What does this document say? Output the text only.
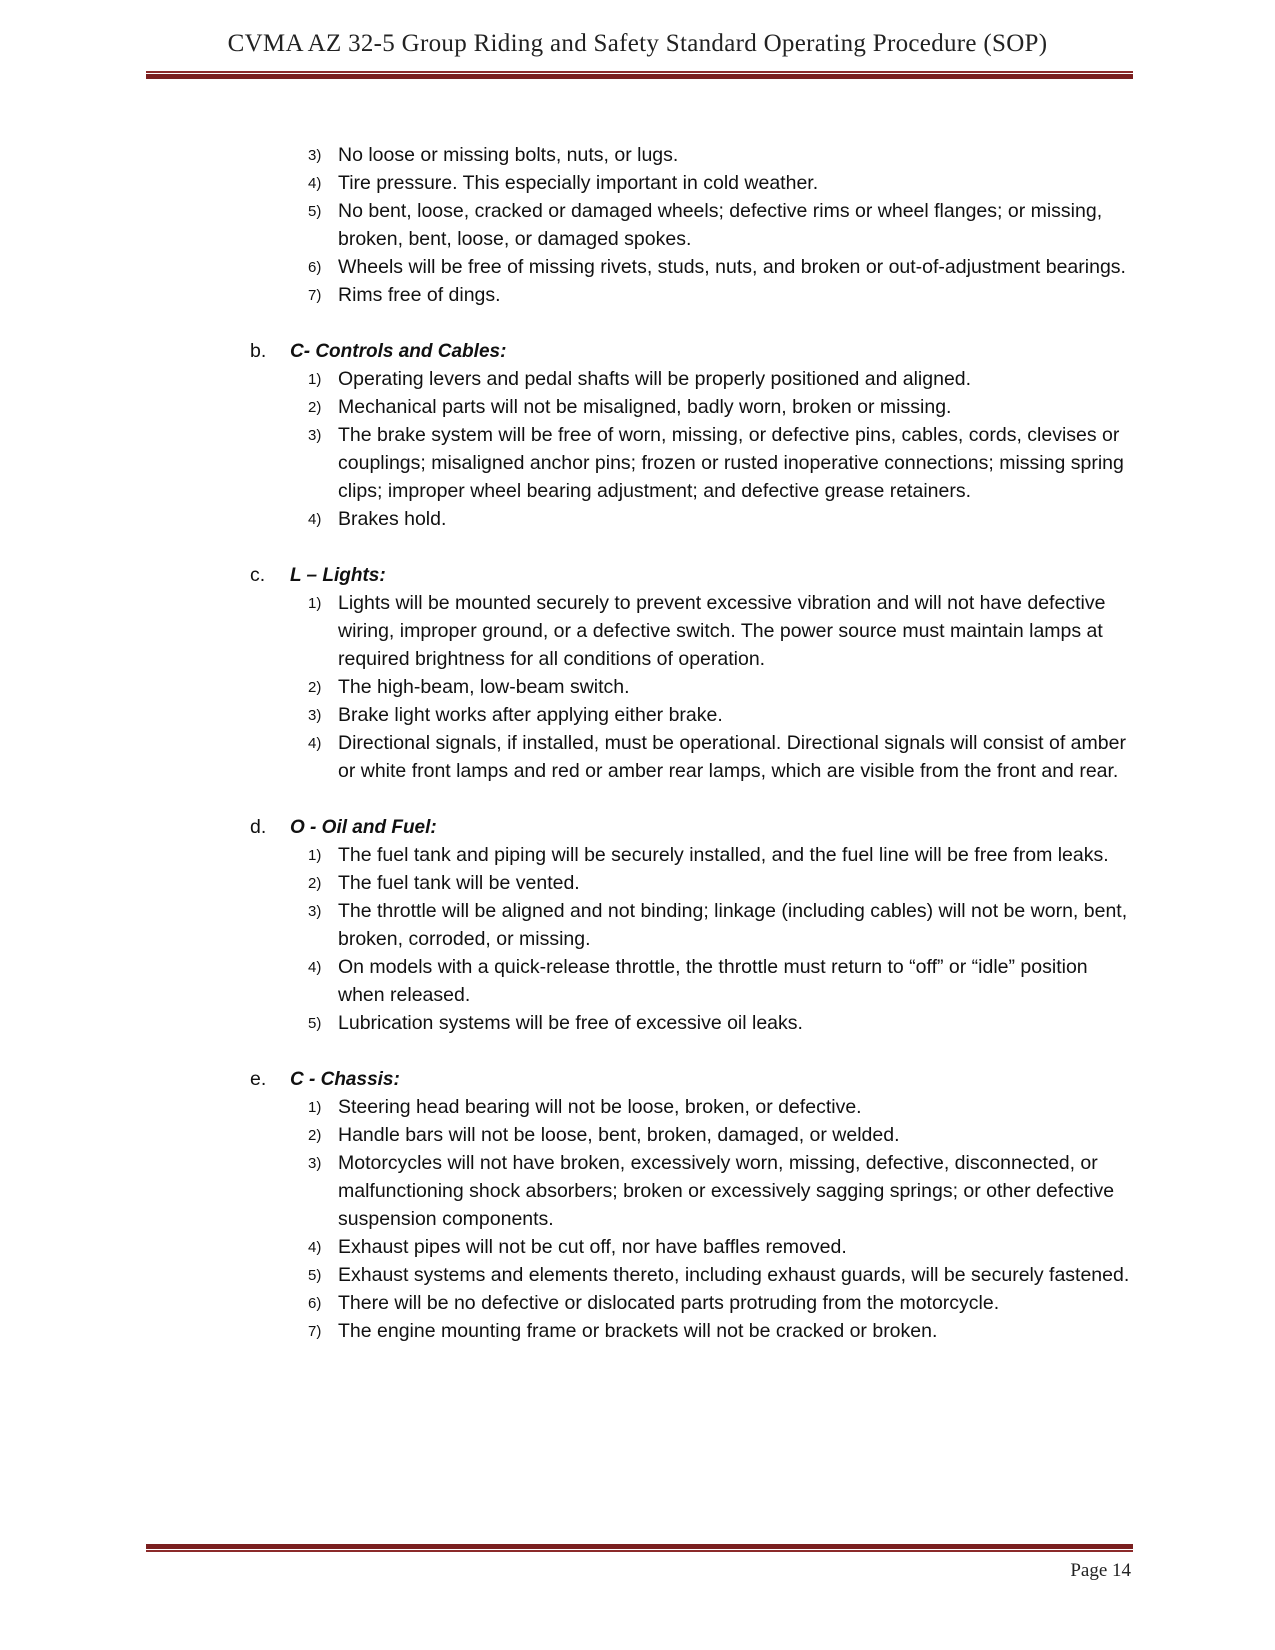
CVMA AZ 32-5 Group Riding and Safety Standard Operating Procedure (SOP)
3) No loose or missing bolts, nuts, or lugs.
4) Tire pressure. This especially important in cold weather.
5) No bent, loose, cracked or damaged wheels; defective rims or wheel flanges; or missing, broken, bent, loose, or damaged spokes.
6) Wheels will be free of missing rivets, studs, nuts, and broken or out-of-adjustment bearings.
7) Rims free of dings.
b. C- Controls and Cables:
1) Operating levers and pedal shafts will be properly positioned and aligned.
2) Mechanical parts will not be misaligned, badly worn, broken or missing.
3) The brake system will be free of worn, missing, or defective pins, cables, cords, clevises or couplings; misaligned anchor pins; frozen or rusted inoperative connections; missing spring clips; improper wheel bearing adjustment; and defective grease retainers.
4) Brakes hold.
c. L – Lights:
1) Lights will be mounted securely to prevent excessive vibration and will not have defective wiring, improper ground, or a defective switch. The power source must maintain lamps at required brightness for all conditions of operation.
2) The high-beam, low-beam switch.
3) Brake light works after applying either brake.
4) Directional signals, if installed, must be operational. Directional signals will consist of amber or white front lamps and red or amber rear lamps, which are visible from the front and rear.
d. O - Oil and Fuel:
1) The fuel tank and piping will be securely installed, and the fuel line will be free from leaks.
2) The fuel tank will be vented.
3) The throttle will be aligned and not binding; linkage (including cables) will not be worn, bent, broken, corroded, or missing.
4) On models with a quick-release throttle, the throttle must return to “off” or “idle” position when released.
5) Lubrication systems will be free of excessive oil leaks.
e. C - Chassis:
1) Steering head bearing will not be loose, broken, or defective.
2) Handle bars will not be loose, bent, broken, damaged, or welded.
3) Motorcycles will not have broken, excessively worn, missing, defective, disconnected, or malfunctioning shock absorbers; broken or excessively sagging springs; or other defective suspension components.
4) Exhaust pipes will not be cut off, nor have baffles removed.
5) Exhaust systems and elements thereto, including exhaust guards, will be securely fastened.
6) There will be no defective or dislocated parts protruding from the motorcycle.
7) The engine mounting frame or brackets will not be cracked or broken.
Page 14
